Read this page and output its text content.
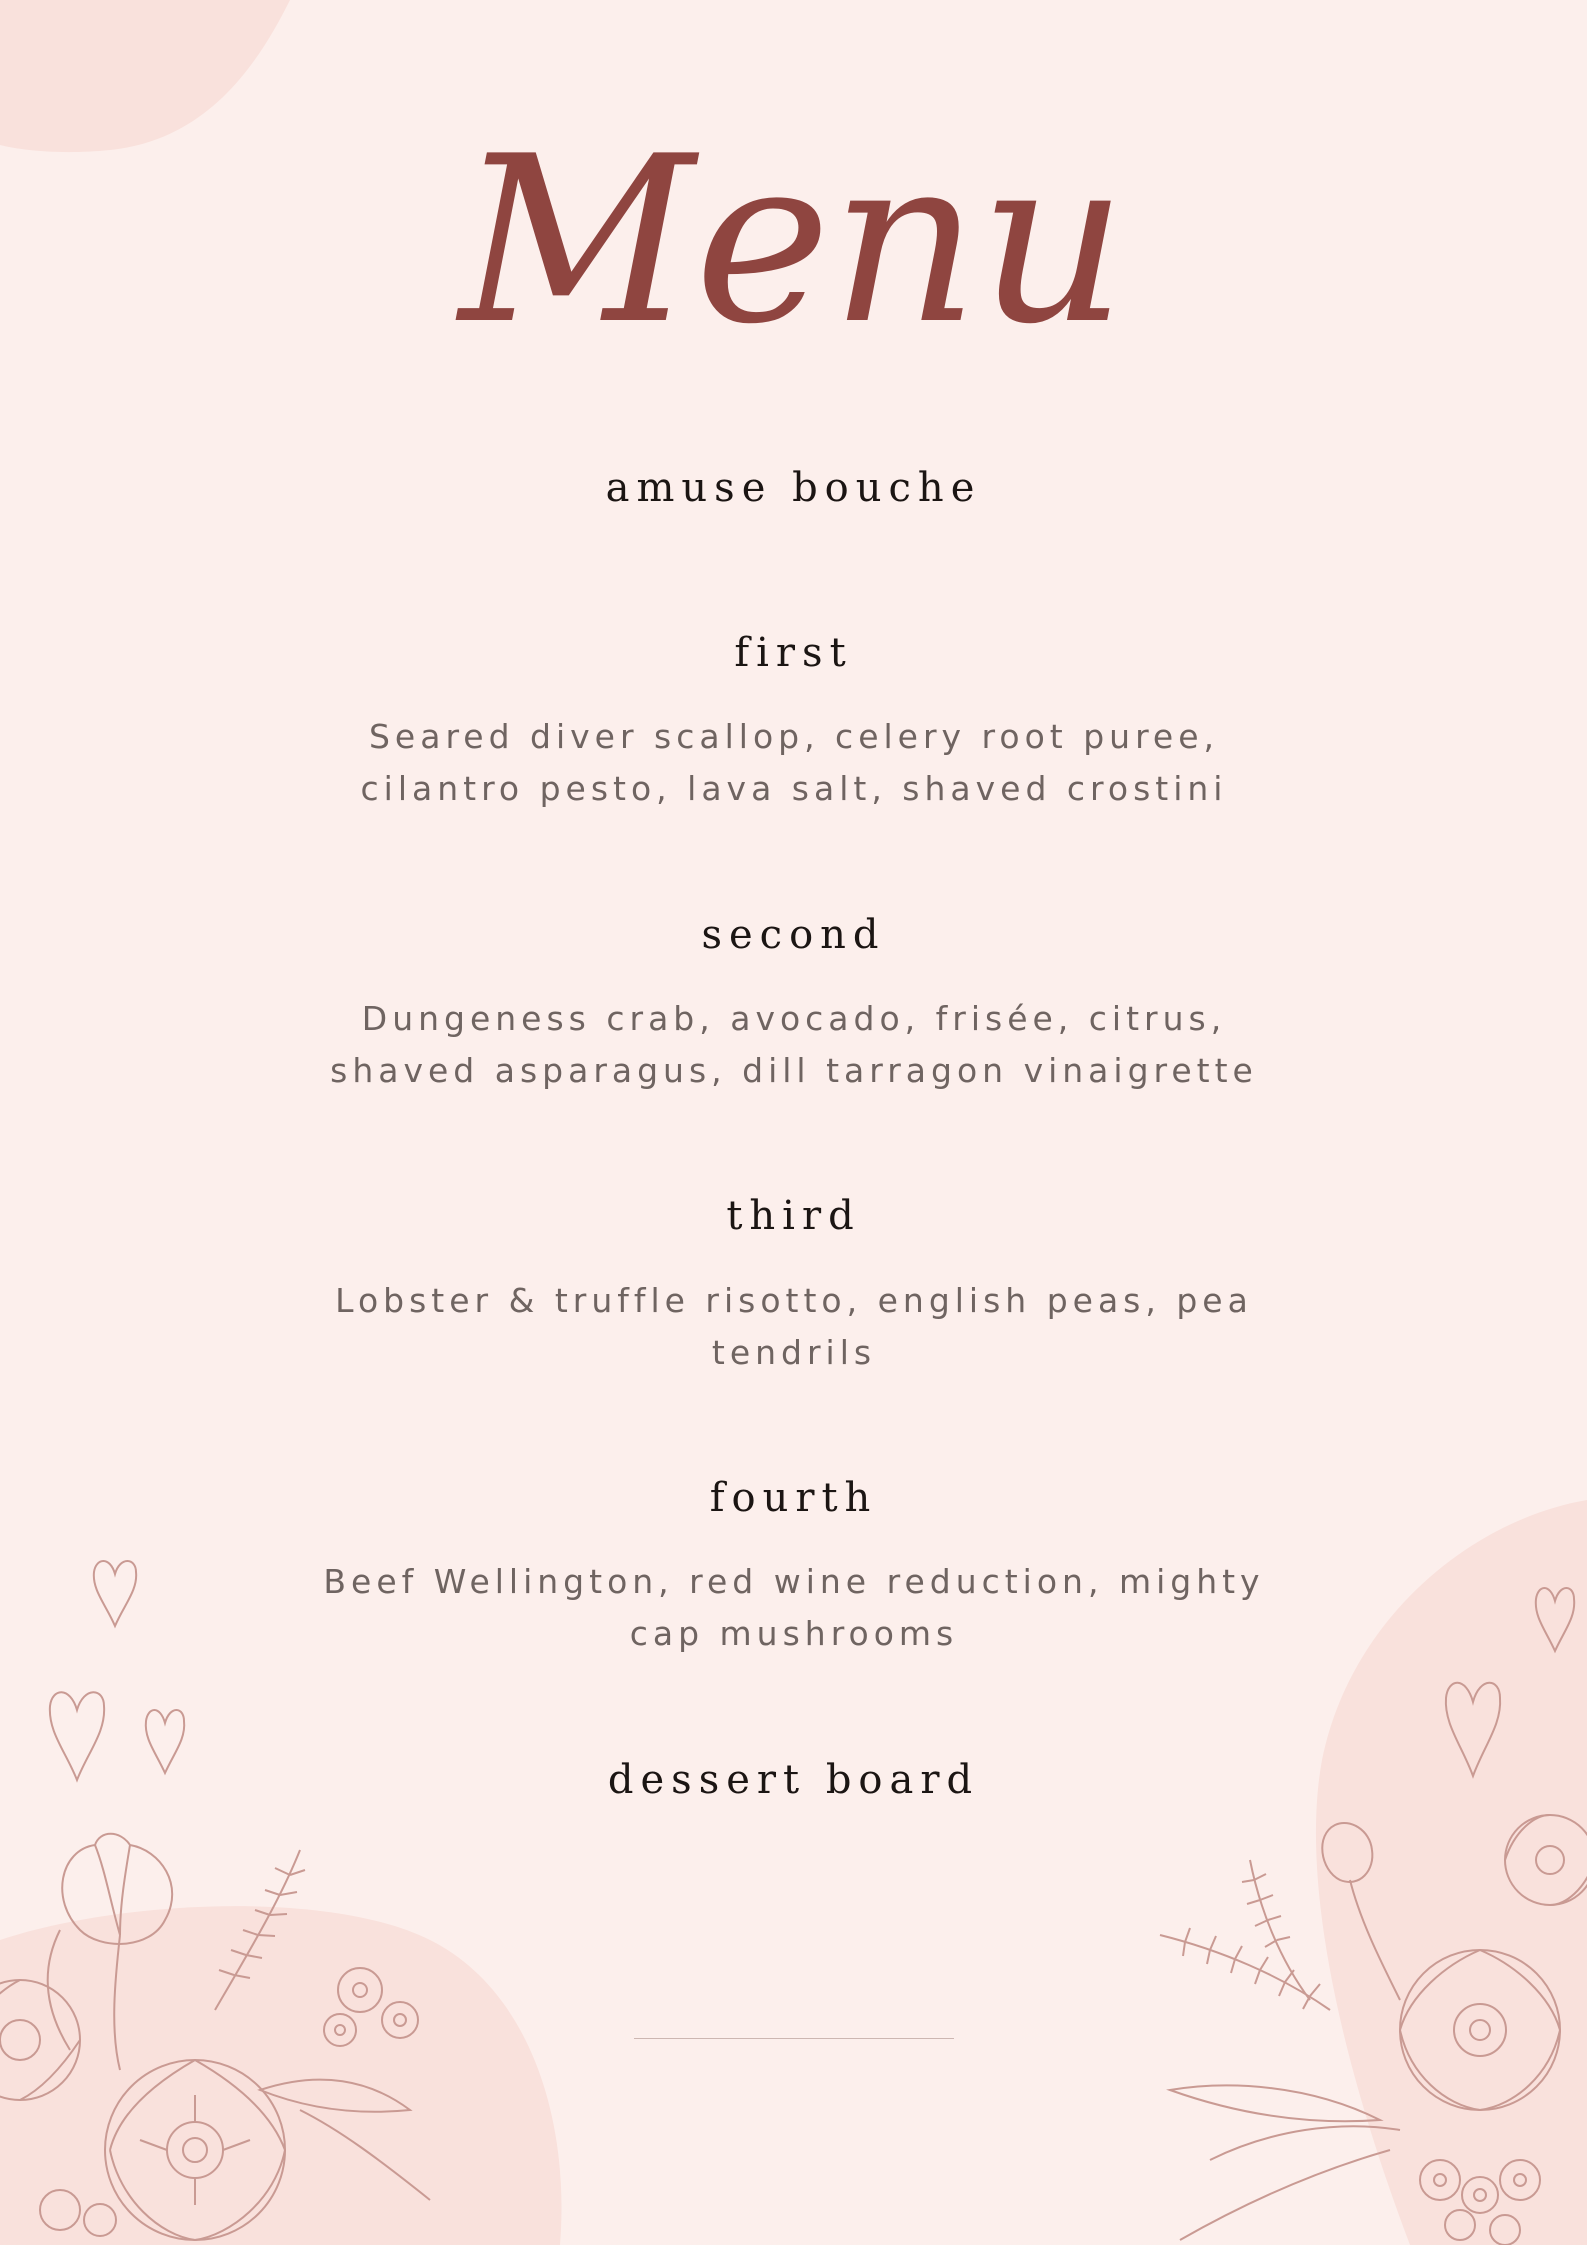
Menu
amuse bouche
first
Seared diver scallop, celery root puree, cilantro pesto, lava salt, shaved crostini
second
Dungeness crab, avocado, frisée, citrus, shaved asparagus, dill tarragon vinaigrette
third
Lobster & truffle risotto, english peas, pea tendrils
fourth
Beef Wellington, red wine reduction, mighty cap mushrooms
dessert board
